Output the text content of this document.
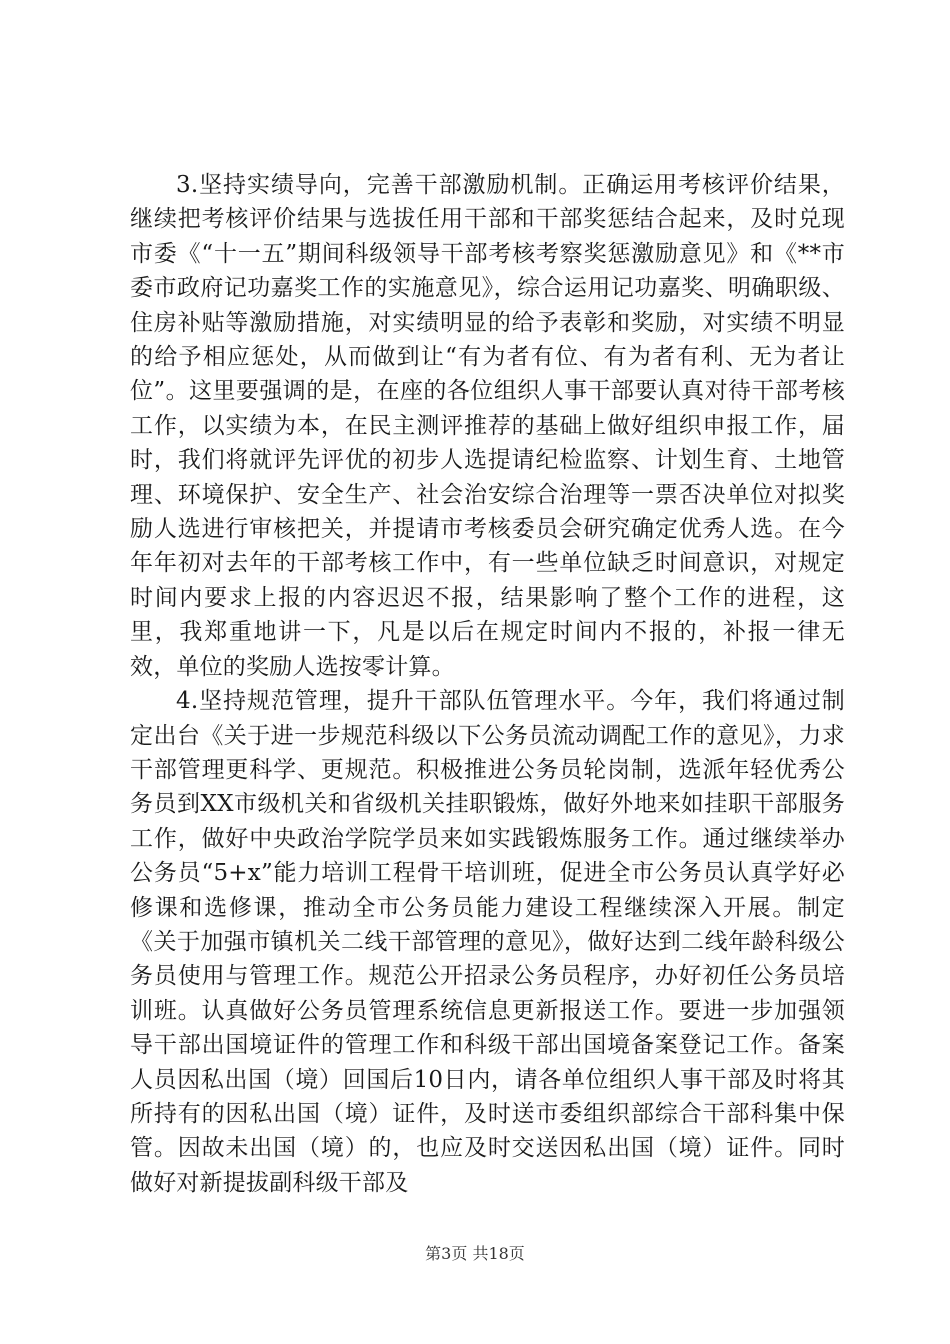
3.坚持实绩导向，完善干部激励机制。正确运用考核评价结果，继续把考核评价结果与选拔任用干部和干部奖惩结合起来，及时兑现市委《“十一五”期间科级领导干部考核考察奖惩激励意见》和《**市委市政府记功嘉奖工作的实施意见》，综合运用记功嘉奖、明确职级、住房补贴等激励措施，对实绩明显的给予表彰和奖励，对实绩不明显的给予相应惩处，从而做到让“有为者有位、有为者有利、无为者让位”。这里要强调的是，在座的各位组织人事干部要认真对待干部考核工作，以实绩为本，在民主测评推荐的基础上做好组织申报工作，届时，我们将就评先评优的初步人选提请纪检监察、计划生育、土地管理、环境保护、安全生产、社会治安综合治理等一票否决单位对拟奖励人选进行审核把关，并提请市考核委员会研究确定优秀人选。在今年年初对去年的干部考核工作中，有一些单位缺乏时间意识，对规定时间内要求上报的内容迟迟不报，结果影响了整个工作的进程，这里，我郑重地讲一下，凡是以后在规定时间内不报的，补报一律无效，单位的奖励人选按零计算。

4.坚持规范管理，提升干部队伍管理水平。今年，我们将通过制定出台《关于进一步规范科级以下公务员流动调配工作的意见》，力求干部管理更科学、更规范。积极推进公务员轮岗制，选派年轻优秀公务员到XX市级机关和省级机关挂职锻炼，做好外地来如挂职干部服务工作，做好中央政治学院学员来如实践锻炼服务工作。通过继续举办公务员“5+x”能力培训工程骨干培训班，促进全市公务员认真学好必修课和选修课，推动全市公务员能力建设工程继续深入开展。制定《关于加强市镇机关二线干部管理的意见》，做好达到二线年龄科级公务员使用与管理工作。规范公开招录公务员程序，办好初任公务员培训班。认真做好公务员管理系统信息更新报送工作。要进一步加强领导干部出国境证件的管理工作和科级干部出国境备案登记工作。备案人员因私出国（境）回国后10日内，请各单位组织人事干部及时将其所持有的因私出国（境）证件，及时送市委组织部综合干部科集中保管。因故未出国（境）的，也应及时交送因私出国（境）证件。同时做好对新提拔副科级干部及

第3页 共18页
